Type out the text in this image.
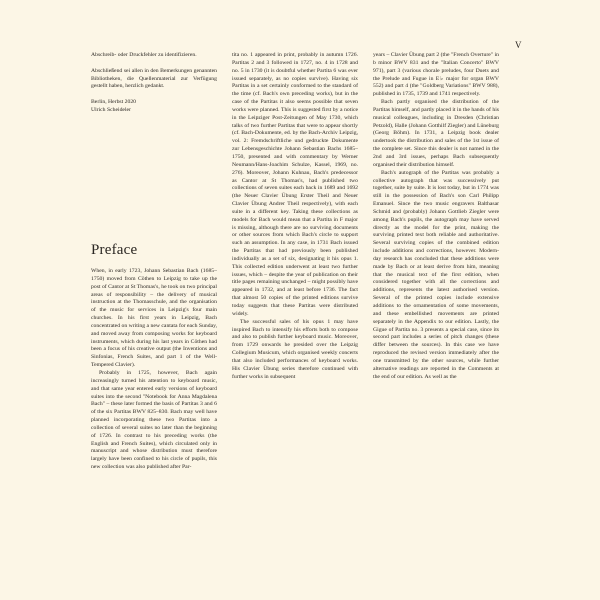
V

Abschreib- oder Druckfehler zu identifizieren.

Abschließend sei allen in den Bemerkungen genannten Bibliotheken, die Quellenmaterial zur Verfügung gestellt haben, herzlich gedankt.

Berlin, Herbst 2020
Ulrich Scheideler
Preface

When, in early 1723, Johann Sebastian Bach (1685–1750) moved from Cöthen to Leipzig to take up the post of Cantor at St Thomas's, he took on two principal areas of responsibility – the delivery of musical instruction at the Thomasschule, and the organisation of the music for services in Leipzig's four main churches. In his first years in Leipzig, Bach concentrated on writing a new cantata for each Sunday, and moved away from composing works for keyboard instruments, which during his last years in Cöthen had been a focus of his creative output (the Inventions and Sinfonias, French Suites, and part 1 of the Well-Tempered Clavier).

Probably in 1725, however, Bach again increasingly turned his attention to keyboard music, and that same year entered early versions of keyboard suites into the second "Notebook for Anna Magdalena Bach" – these later formed the basis of Partitas 3 and 6 of the six Partitas BWV 825–830. Bach may well have planned incorporating these two Partitas into a collection of several suites no later than the beginning of 1726. In contrast to his preceding works (the English and French Suites), which circulated only in manuscript and whose distribution must therefore largely have been confined to his circle of pupils, this new collection was also published after Par-

tita no. 1 appeared in print, probably in autumn 1726. Partitas 2 and 3 followed in 1727, no. 4 in 1728 and no. 5 in 1730 (it is doubtful whether Partita 6 was ever issued separately, as no copies survive). Having six Partitas in a set certainly conformed to the standard of the time (cf. Bach's own preceding works), but in the case of the Partitas it also seems possible that seven works were planned. This is suggested first by a notice in the Leipziger Post-Zeitungen of May 1730, which talks of two further Partitas that were to appear shortly (cf. Bach-Dokumente, ed. by the Bach-Archiv Leipzig, vol. 2: Fremdschriftliche und gedruckte Dokumente zur Lebensgeschichte Johann Sebastian Bachs 1685–1750, presented and with commentary by Werner Neumann/Hans-Joachim Schulze, Kassel, 1969, no. 276). Moreover, Johann Kuhnau, Bach's predecessor as Cantor at St Thomas's, had published two collections of seven suites each back in 1689 and 1692 (the Neuer Clavier Übung Erster Theil and Neuer Clavier Übung Andrer Theil respectively), with each suite in a different key. Taking these collections as models for Bach would mean that a Partita in F major is missing, although there are no surviving documents or other sources from which Bach's circle to support such an assumption. In any case, in 1731 Bach issued the Partitas that had previously been published individually as a set of six, designating it his opus 1. This collected edition underwent at least two further issues, which – despite the year of publication on their title pages remaining unchanged – might possibly have appeared in 1732, and at least before 1736. The fact that almost 50 copies of the printed editions survive today suggests that these Partitas were distributed widely.

The successful sales of his opus 1 may have inspired Bach to intensify his efforts both to compose and also to publish further keyboard music. Moreover, from 1729 onwards he presided over the Leipzig Collegium Musicum, which organised weekly concerts that also included performances of keyboard works. His Clavier Übung series therefore continued with further works in subsequent

years – Clavier Übung part 2 (the "French Overture" in b minor BWV 831 and the "Italian Concerto" BWV 971), part 3 (various chorale preludes, four Duets and the Prelude and Fugue in E♭ major for organ BWV 552) and part 4 (the "Goldberg Variations" BWV 988), published in 1735, 1739 and 1741 respectively.

Bach partly organised the distribution of the Partitas himself, and partly placed it in the hands of his musical colleagues, including in Dresden (Christian Petzold), Halle (Johann Gotthilf Ziegler) and Lüneburg (Georg Böhm). In 1731, a Leipzig book dealer undertook the distribution and sales of the 1st issue of the complete set. Since this dealer is not named in the 2nd and 3rd issues, perhaps Bach subsequently organised their distribution himself.

Bach's autograph of the Partitas was probably a collective autograph that was successively put together, suite by suite. It is lost today, but in 1774 was still in the possession of Bach's son Carl Philipp Emanuel. Since the two music engravers Balthasar Schmid and (probably) Johann Gottlieb Ziegler were among Bach's pupils, the autograph may have served directly as the model for the print, making the surviving printed text both reliable and authoritative. Several surviving copies of the combined edition include additions and corrections, however. Modern-day research has concluded that these additions were made by Bach or at least derive from him, meaning that the musical text of the first edition, when considered together with all the corrections and additions, represents the latest authorised version. Several of the printed copies include extensive additions to the ornamentation of some movements, and these embellished movements are printed separately in the Appendix to our edition. Lastly, the Gigue of Partita no. 3 presents a special case, since its second part includes a series of pitch changes (these differ between the sources). In this case we have reproduced the revised version immediately after the one transmitted by the other sources, while further alternative readings are reported in the Comments at the end of our edition. As well as the
